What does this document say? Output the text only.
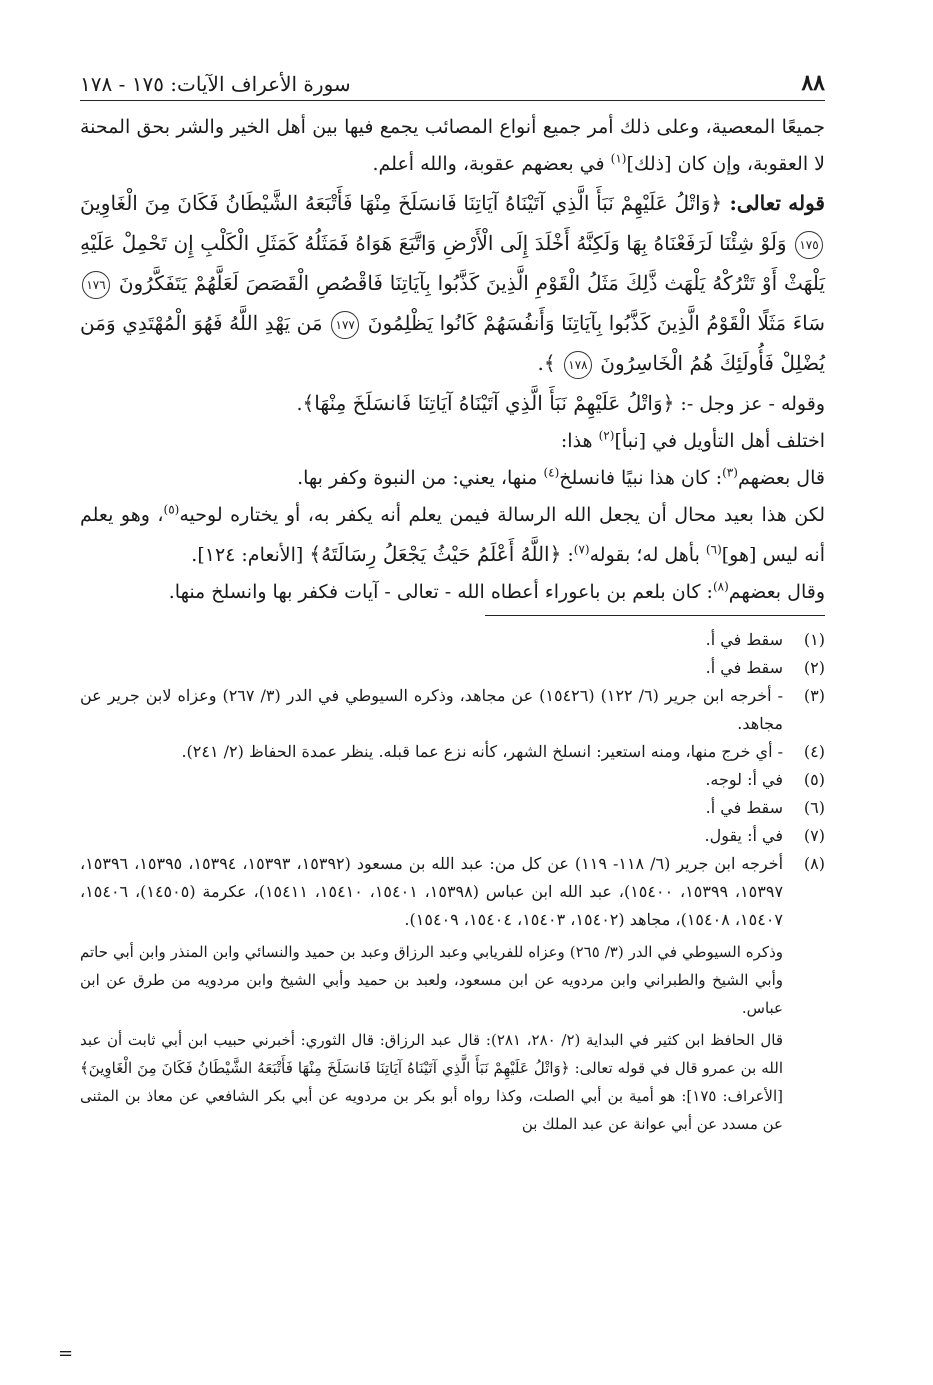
٨٨
سورة الأعراف الآيات: ١٧٥ - ١٧٨

جميعًا المعصية، وعلى ذلك أمر جميع أنواع المصائب يجمع فيها بين أهل الخير والشر بحق المحنة لا العقوبة، وإن كان [ذلك]$^{(١)}$ في بعضهم عقوبة، والله أعلم.

قوله تعالى: ﴿وَاتْلُ عَلَيْهِمْ نَبَأَ الَّذِي آتَيْنَاهُ آيَاتِنَا فَانسَلَخَ مِنْهَا فَأَتْبَعَهُ الشَّيْطَانُ فَكَانَ مِنَ الْغَاوِينَ ١٧٥ وَلَوْ شِئْنَا لَرَفَعْنَاهُ بِهَا وَلَكِنَّهُ أَخْلَدَ إِلَى الْأَرْضِ وَاتَّبَعَ هَوَاهُ فَمَثَلُهُ كَمَثَلِ الْكَلْبِ إِن تَحْمِلْ عَلَيْهِ يَلْهَثْ أَوْ تَتْرُكْهُ يَلْهَث ذَّلِكَ مَثَلُ الْقَوْمِ الَّذِينَ كَذَّبُوا بِآيَاتِنَا فَاقْصُصِ الْقَصَصَ لَعَلَّهُمْ يَتَفَكَّرُونَ ١٧٦ سَاءَ مَثَلًا الْقَوْمُ الَّذِينَ كَذَّبُوا بِآيَاتِنَا وَأَنفُسَهُمْ كَانُوا يَظْلِمُونَ ١٧٧ مَن يَهْدِ اللَّهُ فَهُوَ الْمُهْتَدِي وَمَن يُضْلِلْ فَأُولَئِكَ هُمُ الْخَاسِرُونَ ١٧٨ ﴾.

وقوله - عز وجل -: ﴿وَاتْلُ عَلَيْهِمْ نَبَأَ الَّذِي آتَيْنَاهُ آيَاتِنَا فَانسَلَخَ مِنْهَا﴾.

اختلف أهل التأويل في [نبأ]$^{(٢)}$ هذا:

قال بعضهم$^{(٣)}$: كان هذا نبيًا فانسلخ$^{(٤)}$ منها، يعني: من النبوة وكفر بها.

لكن هذا بعيد محال أن يجعل الله الرسالة فيمن يعلم أنه يكفر به، أو يختاره لوحيه$^{(٥)}$، وهو يعلم أنه ليس [هو]$^{(٦)}$ بأهل له؛ بقوله$^{(٧)}$: ﴿اللَّهُ أَعْلَمُ حَيْثُ يَجْعَلُ رِسَالَتَهُ﴾ [الأنعام: ١٢٤].

وقال بعضهم$^{(٨)}$: كان بلعم بن باعوراء أعطاه الله - تعالى - آيات فكفر بها وانسلخ منها.

(١)
سقط في أ.
(٢)
سقط في أ.
(٣)
- أخرجه ابن جرير (٦/ ١٢٢) (١٥٤٢٦) عن مجاهد، وذكره السيوطي في الدر (٣/ ٢٦٧) وعزاه لابن جرير عن مجاهد.
(٤)
- أي خرج منها، ومنه استعير: انسلخ الشهر، كأنه نزع عما قبله. ينظر عمدة الحفاظ (٢/ ٢٤١).
(٥)
في أ: لوجه.
(٦)
سقط في أ.
(٧)
في أ: يقول.
(٨)
أخرجه ابن جرير (٦/ ١١٨- ١١٩) عن كل من: عبد الله بن مسعود (١٥٣٩٢، ١٥٣٩٣، ١٥٣٩٤، ١٥٣٩٥، ١٥٣٩٦، ١٥٣٩٧، ١٥٣٩٩، ١٥٤٠٠)، عبد الله ابن عباس (١٥٣٩٨، ١٥٤٠١، ١٥٤١٠، ١٥٤١١)، عكرمة (١٤٥٠٥)، ١٥٤٠٦، ١٥٤٠٧، ١٥٤٠٨)، مجاهد (١٥٤٠٢، ١٥٤٠٣، ١٥٤٠٤، ١٥٤٠٩).
وذكره السيوطي في الدر (٣/ ٢٦٥) وعزاه للفريابي وعبد الرزاق وعبد بن حميد والنسائي وابن المنذر وابن أبي حاتم وأبي الشيخ والطبراني وابن مردويه عن ابن مسعود، ولعبد بن حميد وأبي الشيخ وابن مردويه من طرق عن ابن عباس.
قال الحافظ ابن كثير في البداية (٢/ ٢٨٠، ٢٨١): قال عبد الرزاق: قال الثوري: أخبرني حبيب ابن أبي ثابت أن عبد الله بن عمرو قال في قوله تعالى: ﴿وَاتْلُ عَلَيْهِمْ نَبَأَ الَّذِي آتَيْنَاهُ آيَاتِنَا فَانسَلَخَ مِنْهَا فَأَتْبَعَهُ الشَّيْطَانُ فَكَانَ مِنَ الْغَاوِينَ﴾ [الأعراف: ١٧٥]: هو أمية بن أبي الصلت، وكذا رواه أبو بكر بن مردويه عن أبي بكر الشافعي عن معاذ بن المثنى عن مسدد عن أبي عوانة عن عبد الملك بن
=
